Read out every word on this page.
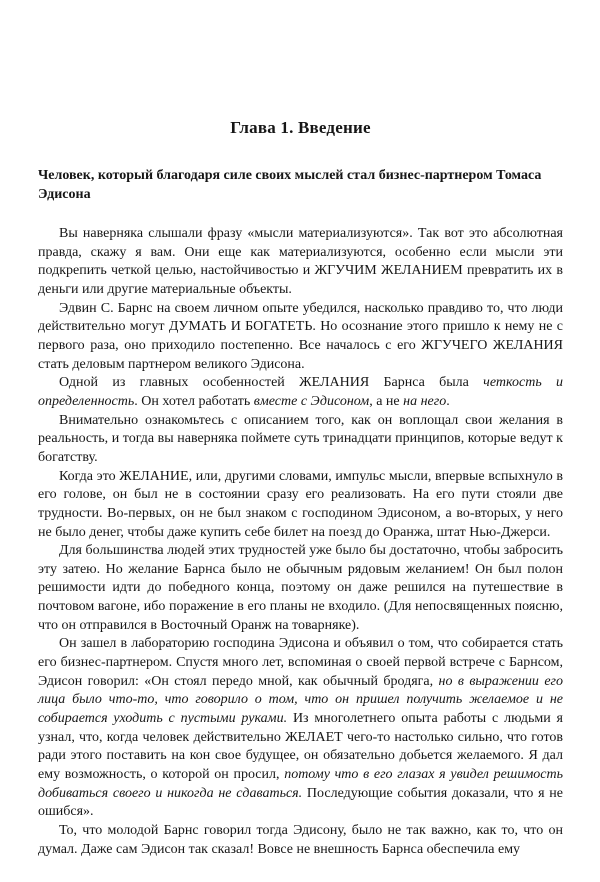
Глава 1. Введение
Человек, который благодаря силе своих мыслей стал бизнес-партнером Томаса Эдисона

Вы наверняка слышали фразу «мысли материализуются». Так вот это абсолютная правда, скажу я вам. Они еще как материализуются, особенно если мысли эти подкрепить четкой целью, настойчивостью и ЖГУЧИМ ЖЕЛАНИЕМ превратить их в деньги или другие материальные объекты.

Эдвин С. Барнс на своем личном опыте убедился, насколько правдиво то, что люди действительно могут ДУМАТЬ И БОГАТЕТЬ. Но осознание этого пришло к нему не с первого раза, оно приходило постепенно. Все началось с его ЖГУЧЕГО ЖЕЛАНИЯ стать деловым партнером великого Эдисона.

Одной из главных особенностей ЖЕЛАНИЯ Барнса была четкость и определенность. Он хотел работать вместе с Эдисоном, а не на него.

Внимательно ознакомьтесь с описанием того, как он воплощал свои желания в реальность, и тогда вы наверняка поймете суть тринадцати принципов, которые ведут к богатству.

Когда это ЖЕЛАНИЕ, или, другими словами, импульс мысли, впервые вспыхнуло в его голове, он был не в состоянии сразу его реализовать. На его пути стояли две трудности. Во-первых, он не был знаком с господином Эдисоном, а во-вторых, у него не было денег, чтобы даже купить себе билет на поезд до Оранжа, штат Нью-Джерси.

Для большинства людей этих трудностей уже было бы достаточно, чтобы забросить эту затею. Но желание Барнса было не обычным рядовым желанием! Он был полон решимости идти до победного конца, поэтому он даже решился на путешествие в почтовом вагоне, ибо поражение в его планы не входило. (Для непосвященных поясню, что он отправился в Восточный Оранж на товарняке).

Он зашел в лабораторию господина Эдисона и объявил о том, что собирается стать его бизнес-партнером. Спустя много лет, вспоминая о своей первой встрече с Барнсом, Эдисон говорил: «Он стоял передо мной, как обычный бродяга, но в выражении его лица было что-то, что говорило о том, что он пришел получить желаемое и не собирается уходить с пустыми руками. Из многолетнего опыта работы с людьми я узнал, что, когда человек действительно ЖЕЛАЕТ чего-то настолько сильно, что готов ради этого поставить на кон свое будущее, он обязательно добьется желаемого. Я дал ему возможность, о которой он просил, потому что в его глазах я увидел решимость добиваться своего и никогда не сдаваться. Последующие события доказали, что я не ошибся».

То, что молодой Барнс говорил тогда Эдисону, было не так важно, как то, что он думал. Даже сам Эдисон так сказал! Вовсе не внешность Барнса обеспечила ему
